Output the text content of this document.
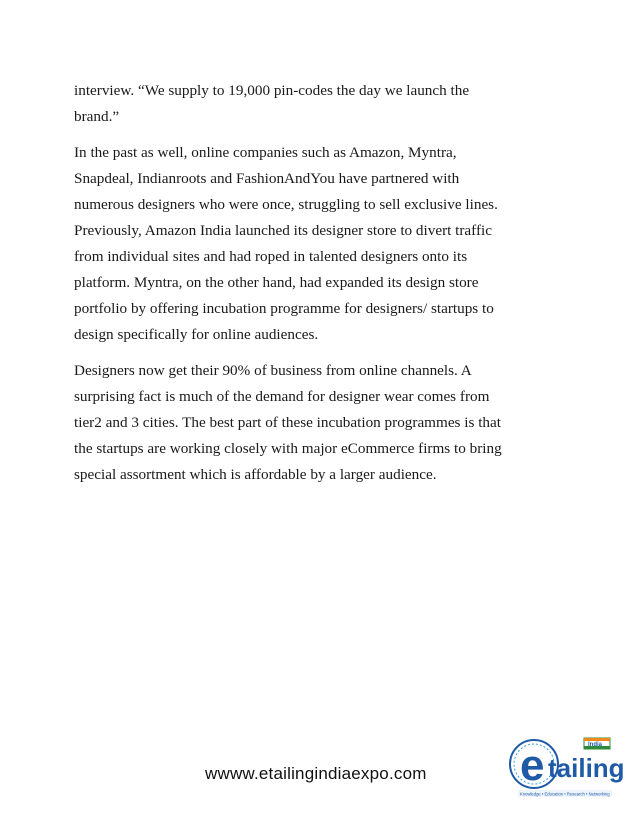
interview. “We supply to 19,000 pin-codes the day we launch the
brand.”

In the past as well, online companies such as Amazon, Myntra,
Snapdeal, Indianroots and FashionAndYou have partnered with
numerous designers who were once, struggling to sell exclusive lines.
Previously, Amazon India launched its designer store to divert traffic
from individual sites and had roped in talented designers onto its
platform. Myntra, on the other hand, had expanded its design store
portfolio by offering incubation programme for designers/ startups to
design specifically for online audiences.

Designers now get their 90% of business from online channels. A
surprising fact is much of the demand for designer wear comes from
tier2 and 3 cities. The best part of these incubation programmes is that
the startups are working closely with major eCommerce firms to bring
special assortment which is affordable by a larger audience.

wwww.etailingindiaexpo.com e tailing
India
Knowledge • Education • Research • Networking
